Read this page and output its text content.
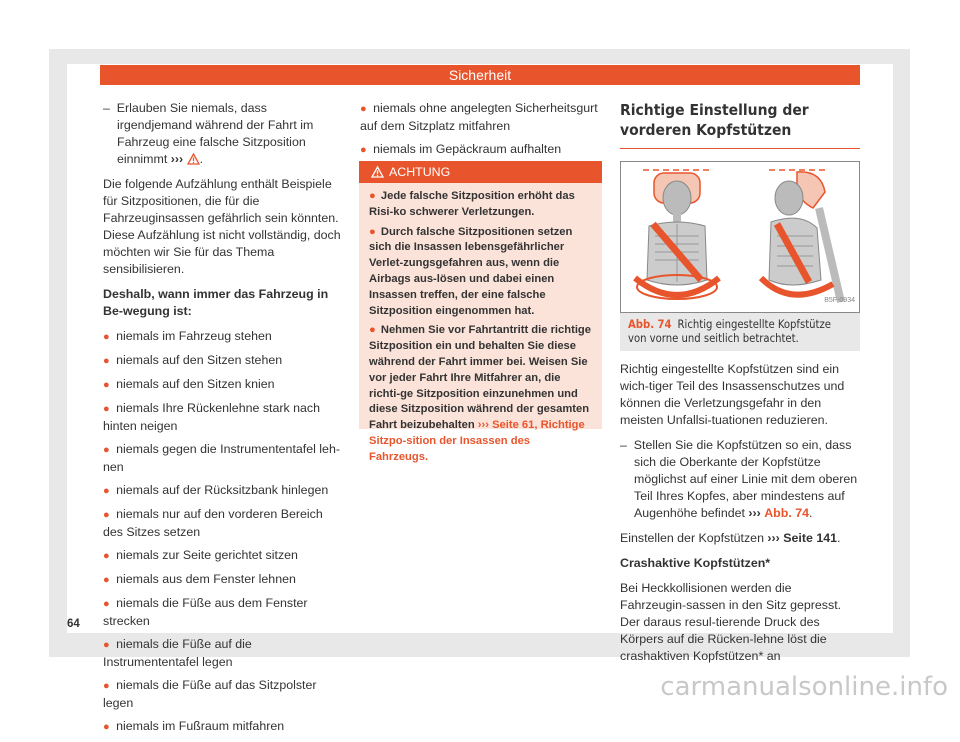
Sicherheit
–  Erlauben Sie niemals, dass irgendjemand während der Fahrt im Fahrzeug eine falsche Sitzposition einnimmt ››› .

Die folgende Aufzählung enthält Beispiele für Sitzpositionen, die für die Fahrzeuginsassen gefährlich sein könnten. Diese Aufzählung ist nicht vollständig, doch möchten wir Sie für das Thema sensibilisieren.

Deshalb, wann immer das Fahrzeug in Be-wegung ist:

● niemals im Fahrzeug stehen
● niemals auf den Sitzen stehen
● niemals auf den Sitzen knien
● niemals Ihre Rückenlehne stark nach hinten neigen
● niemals gegen die Instrumententafel leh-nen
● niemals auf der Rücksitzbank hinlegen
● niemals nur auf den vorderen Bereich des Sitzes setzen
● niemals zur Seite gerichtet sitzen
● niemals aus dem Fenster lehnen
● niemals die Füße aus dem Fenster strecken
● niemals die Füße auf die Instrumententafel legen
● niemals die Füße auf das Sitzpolster legen
● niemals im Fußraum mitfahren
● niemals ohne angelegten Sicherheitsgurt auf dem Sitzplatz mitfahren
● niemals im Gepäckraum aufhalten
ACHTUNG
● Jede falsche Sitzposition erhöht das Risi-ko schwerer Verletzungen.
● Durch falsche Sitzpositionen setzen sich die Insassen lebensgefährlicher Verlet-zungsgefahren aus, wenn die Airbags aus-lösen und dabei einen Insassen treffen, der eine falsche Sitzposition eingenommen hat.
● Nehmen Sie vor Fahrtantritt die richtige Sitzposition ein und behalten Sie diese während der Fahrt immer bei. Weisen Sie vor jeder Fahrt Ihre Mitfahrer an, die richti-ge Sitzposition einzunehmen und diese Sitzposition während der gesamten Fahrt beizubehalten ››› Seite 61, Richtige Sitzpo-sition der Insassen des Fahrzeugs.
Richtige Einstellung der vorderen Kopfstützen
B5F-0934
Abb. 74 Richtig eingestellte Kopfstütze von vorne und seitlich betrachtet.

Richtig eingestellte Kopfstützen sind ein wich-tiger Teil des Insassenschutzes und können die Verletzungsgefahr in den meisten Unfallsi-tuationen reduzieren.

–  Stellen Sie die Kopfstützen so ein, dass sich die Oberkante der Kopfstütze möglichst auf einer Linie mit dem oberen Teil Ihres Kopfes, aber mindestens auf Augenhöhe befindet ››› Abb. 74.

Einstellen der Kopfstützen ››› Seite 141.

Crashaktive Kopfstützen*

Bei Heckkollisionen werden die Fahrzeugin-sassen in den Sitz gepresst. Der daraus resul-tierende Druck des Körpers auf die Rücken-lehne löst die crashaktiven Kopfstützen* an

64
carmanualsonline.info
